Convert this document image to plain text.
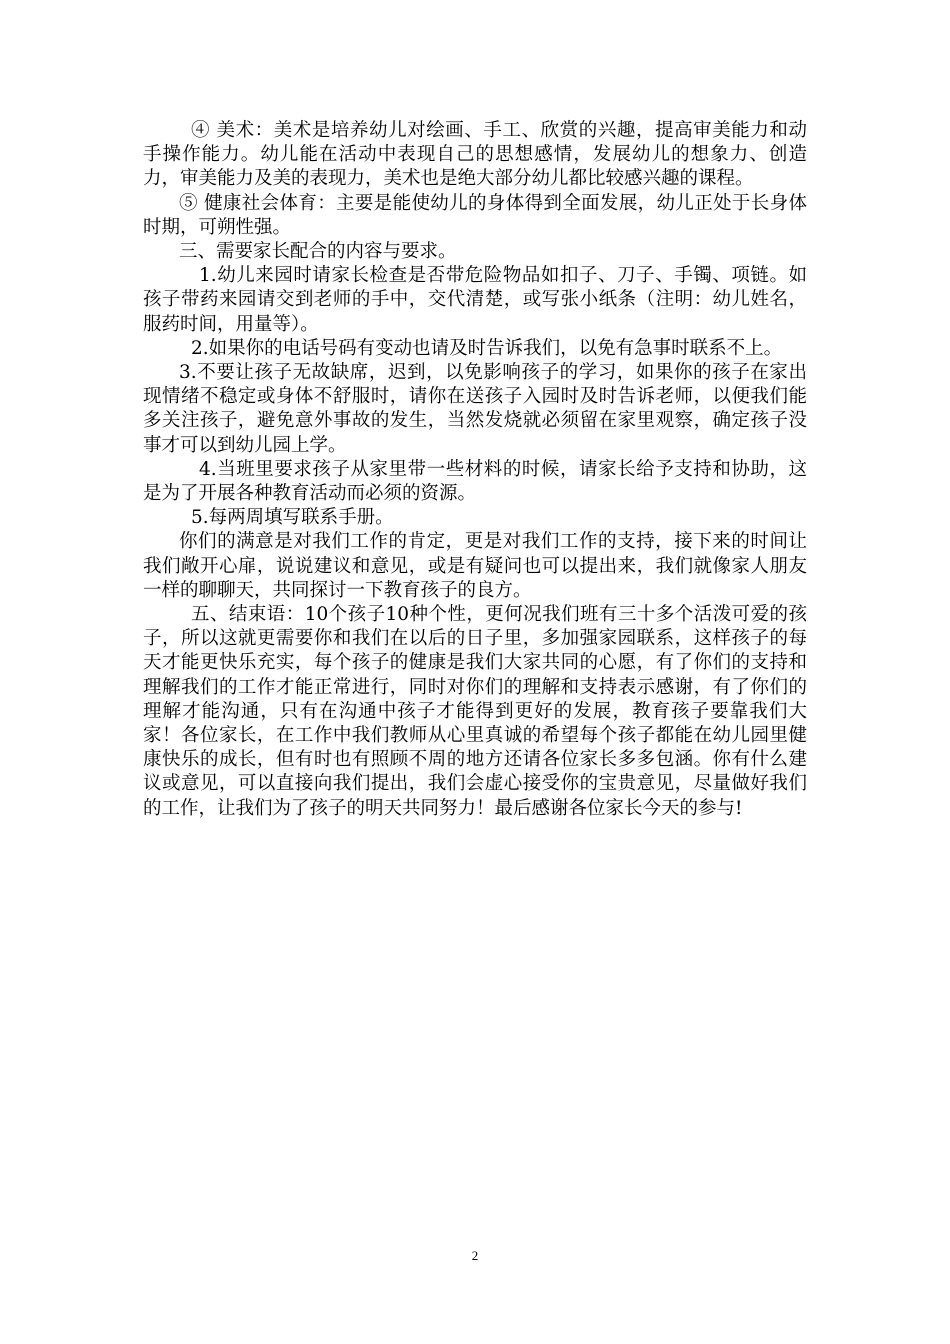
④ 美术：美术是培养幼儿对绘画、手工、欣赏的兴趣，提高审美能力和动手操作能力。幼儿能在活动中表现自己的思想感情，发展幼儿的想象力、创造力，审美能力及美的表现力，美术也是绝大部分幼儿都比较感兴趣的课程。

⑤ 健康社会体育：主要是能使幼儿的身体得到全面发展，幼儿正处于长身体时期，可朔性强。

三、需要家长配合的内容与要求。

1.幼儿来园时请家长检查是否带危险物品如扣子、刀子、手镯、项链。如孩子带药来园请交到老师的手中，交代清楚，或写张小纸条（注明：幼儿姓名，服药时间，用量等）。

2.如果你的电话号码有变动也请及时告诉我们，以免有急事时联系不上。

3.不要让孩子无故缺席，迟到，以免影响孩子的学习，如果你的孩子在家出现情绪不稳定或身体不舒服时，请你在送孩子入园时及时告诉老师，以便我们能多关注孩子，避免意外事故的发生，当然发烧就必须留在家里观察，确定孩子没事才可以到幼儿园上学。

4.当班里要求孩子从家里带一些材料的时候，请家长给予支持和协助，这是为了开展各种教育活动而必须的资源。

5.每两周填写联系手册。

你们的满意是对我们工作的肯定，更是对我们工作的支持，接下来的时间让我们敞开心扉，说说建议和意见，或是有疑问也可以提出来，我们就像家人朋友一样的聊聊天，共同探讨一下教育孩子的良方。

五、结束语：10个孩子10种个性，更何况我们班有三十多个活泼可爱的孩子，所以这就更需要你和我们在以后的日子里，多加强家园联系，这样孩子的每天才能更快乐充实，每个孩子的健康是我们大家共同的心愿，有了你们的支持和理解我们的工作才能正常进行，同时对你们的理解和支持表示感谢，有了你们的理解才能沟通，只有在沟通中孩子才能得到更好的发展，教育孩子要靠我们大家！各位家长，在工作中我们教师从心里真诚的希望每个孩子都能在幼儿园里健康快乐的成长，但有时也有照顾不周的地方还请各位家长多多包涵。你有什么建议或意见，可以直接向我们提出，我们会虚心接受你的宝贵意见，尽量做好我们的工作，让我们为了孩子的明天共同努力！最后感谢各位家长今天的参与!

2
